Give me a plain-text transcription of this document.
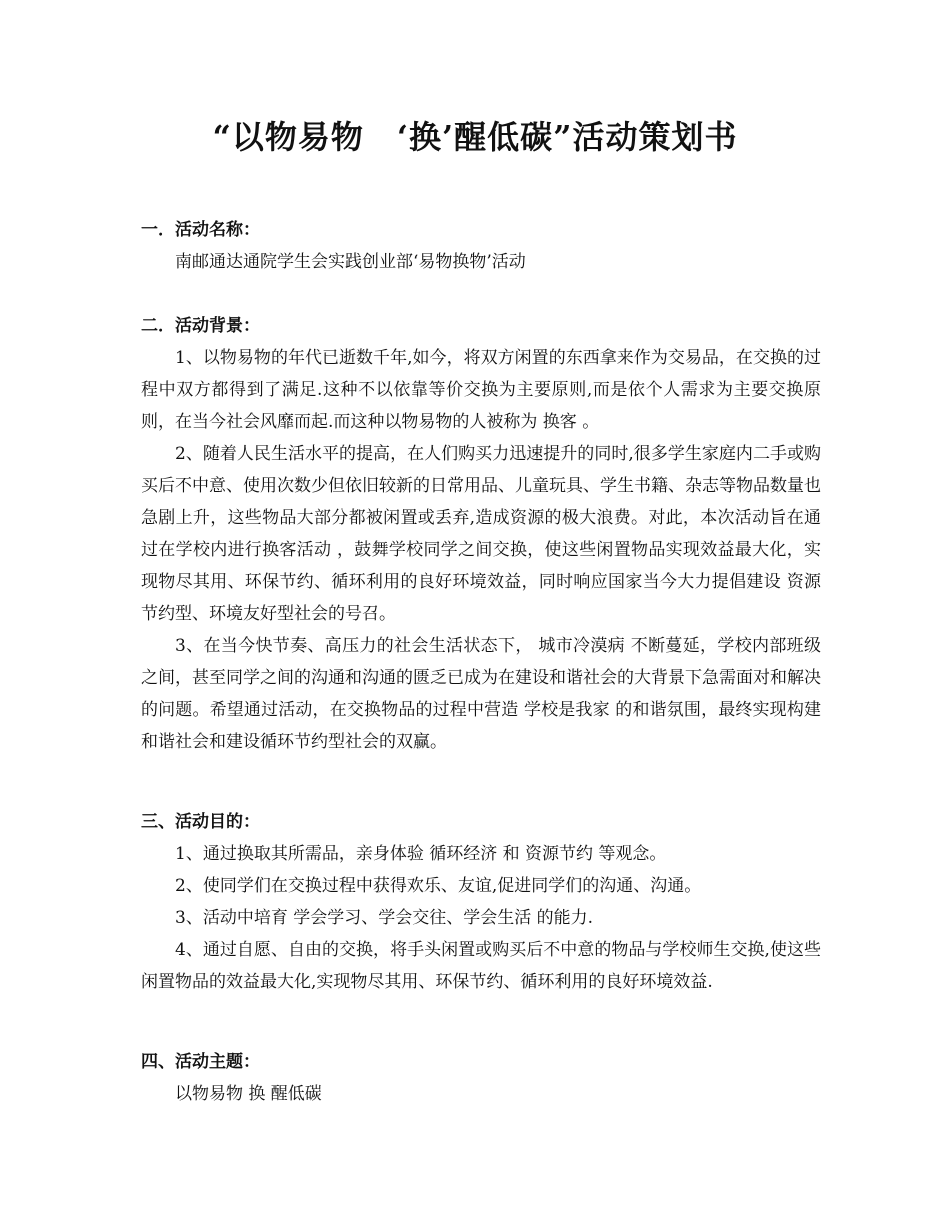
“以物易物　‘换’醒低碳”活动策划书

一．活动名称：

南邮通达通院学生会实践创业部‘易物换物’活动

二．活动背景：

1、以物易物的年代已逝数千年,如今，将双方闲置的东西拿来作为交易品，在交换的过程中双方都得到了满足.这种不以依靠等价交换为主要原则,而是依个人需求为主要交换原则，在当今社会风靡而起.而这种以物易物的人被称为 换客 。

2、随着人民生活水平的提高，在人们购买力迅速提升的同时,很多学生家庭内二手或购买后不中意、使用次数少但依旧较新的日常用品、儿童玩具、学生书籍、杂志等物品数量也急剧上升，这些物品大部分都被闲置或丢弃,造成资源的极大浪费。对此，本次活动旨在通过在学校内进行换客活动 ，鼓舞学校同学之间交换，使这些闲置物品实现效益最大化，实现物尽其用、环保节约、循环利用的良好环境效益，同时响应国家当今大力提倡建设 资源节约型、环境友好型社会的号召。

3、在当今快节奏、高压力的社会生活状态下， 城市冷漠病 不断蔓延，学校内部班级之间，甚至同学之间的沟通和沟通的匮乏已成为在建设和谐社会的大背景下急需面对和解决的问题。希望通过活动，在交换物品的过程中营造 学校是我家 的和谐氛围，最终实现构建和谐社会和建设循环节约型社会的双赢。

三、活动目的：

1、通过换取其所需品，亲身体验 循环经济 和 资源节约 等观念。

2、使同学们在交换过程中获得欢乐、友谊,促进同学们的沟通、沟通。

3、活动中培育 学会学习、学会交往、学会生活 的能力.

4、通过自愿、自由的交换，将手头闲置或购买后不中意的物品与学校师生交换,使这些闲置物品的效益最大化,实现物尽其用、环保节约、循环利用的良好环境效益.

四、活动主题：

以物易物 换 醒低碳
